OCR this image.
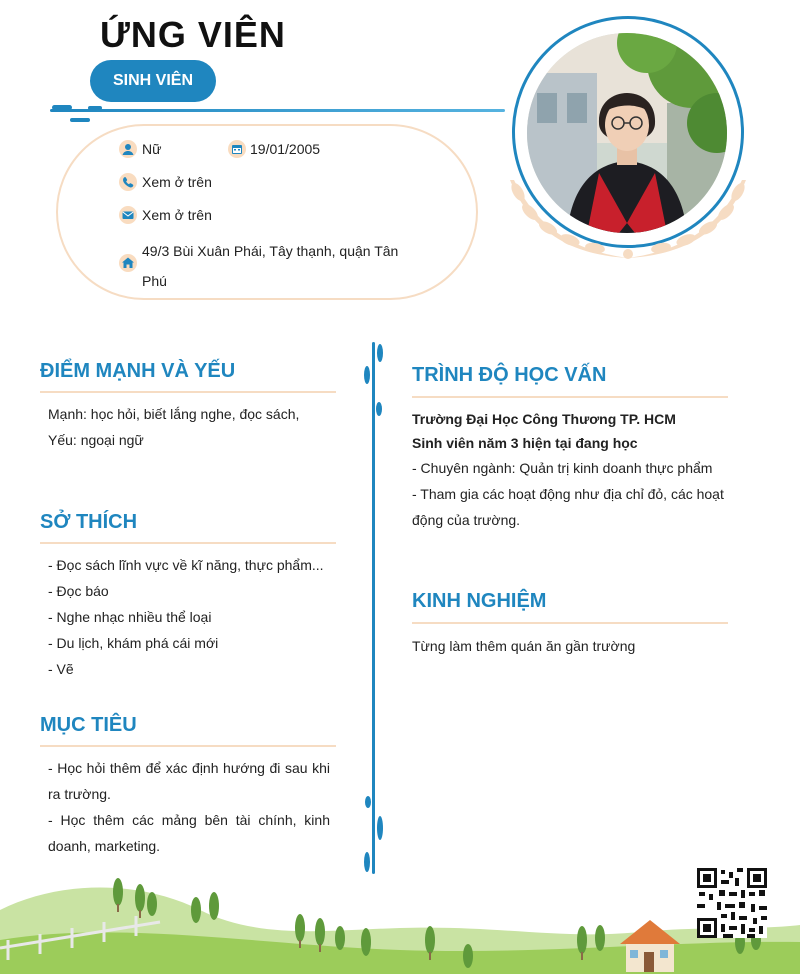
ỨNG VIÊN
SINH VIÊN
Nữ	19/01/2005
Xem ở trên
Xem ở trên
49/3 Bùi Xuân Phái, Tây thạnh, quận Tân Phú
ĐIỂM MẠNH VÀ YẾU
Mạnh: học hỏi, biết lắng nghe, đọc sách,
Yếu: ngoại ngữ
SỞ THÍCH
- Đọc sách lĩnh vực về kĩ năng, thực phẩm...
- Đọc báo
- Nghe nhạc nhiều thể loại
- Du lịch, khám phá cái mới
- Vẽ
MỤC TIÊU
- Học hỏi thêm để xác định hướng đi sau khi
ra trường.
- Học thêm các mảng bên tài chính, kinh
doanh, marketing.
TRÌNH ĐỘ HỌC VẤN
Trường Đại Học Công Thương TP. HCM
Sinh viên năm 3 hiện tại đang học
- Chuyên ngành: Quản trị kinh doanh thực phẩm
- Tham gia các hoạt động như địa chỉ đỏ, các hoạt
động của trường.
KINH NGHIỆM
Từng làm thêm quán ăn gần trường
